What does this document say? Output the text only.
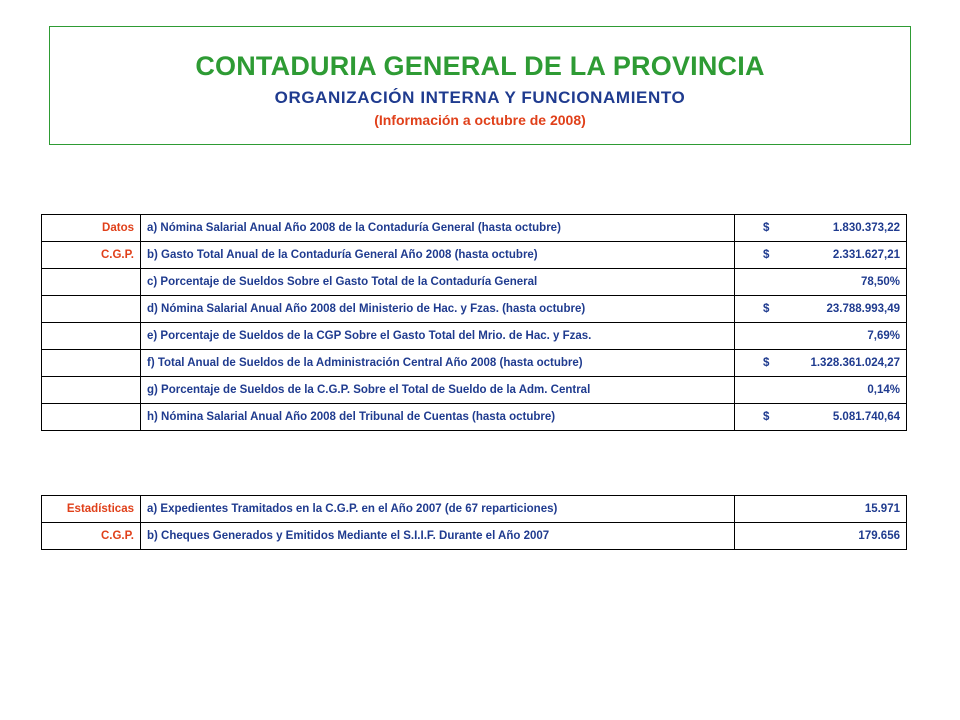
CONTADURIA GENERAL DE LA PROVINCIA
ORGANIZACIÓN INTERNA Y FUNCIONAMIENTO
(Información a octubre de 2008)
Datos	a) Nómina Salarial Anual Año 2008 de la Contaduría General (hasta octubre)	$ 1.830.373,22

C.G.P.	b) Gasto Total Anual de la Contaduría General Año 2008 (hasta octubre)	$ 2.331.627,21

	c) Porcentaje de Sueldos Sobre el Gasto Total de la Contaduría General	78,50%

	d) Nómina Salarial Anual Año 2008 del Ministerio de Hac. y Fzas. (hasta octubre)	$ 23.788.993,49

	e) Porcentaje de Sueldos de la CGP Sobre el Gasto Total del Mrio. de Hac. y Fzas.	7,69%

	f) Total Anual de Sueldos de la Administración Central Año 2008 (hasta octubre)	$ 1.328.361.024,27

	g) Porcentaje de Sueldos de la C.G.P. Sobre el Total de Sueldo de la Adm. Central	0,14%

	h) Nómina Salarial Anual Año 2008 del Tribunal de Cuentas (hasta octubre)	$ 5.081.740,64
Estadísticas	a) Expedientes Tramitados en la C.G.P. en el Año 2007 (de 67 reparticiones)	15.971

C.G.P.	b) Cheques Generados y Emitidos Mediante el S.I.I.F. Durante el Año 2007	179.656
